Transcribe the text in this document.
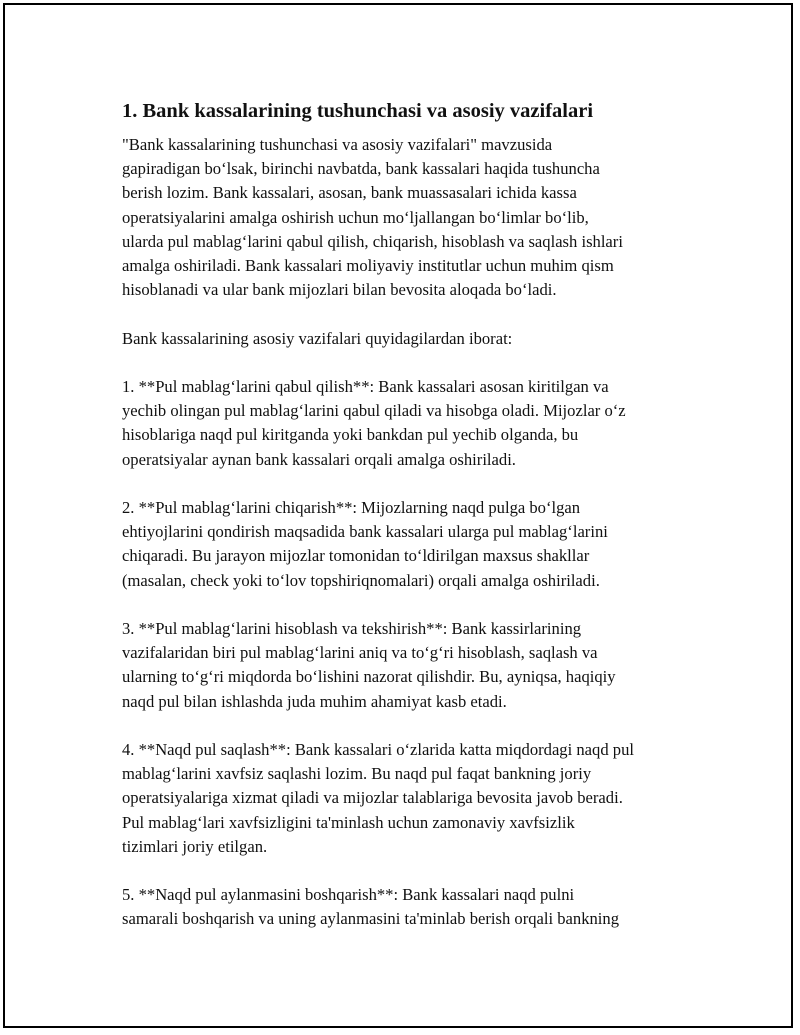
1. Bank kassalarining tushunchasi va asosiy vazifalari

"Bank kassalarining tushunchasi va asosiy vazifalari" mavzusida
gapiradigan boʻlsak, birinchi navbatda, bank kassalari haqida tushuncha
berish lozim. Bank kassalari, asosan, bank muassasalari ichida kassa
operatsiyalarini amalga oshirish uchun moʻljallangan boʻlimlar boʻlib,
ularda pul mablagʻlarini qabul qilish, chiqarish, hisoblash va saqlash ishlari
amalga oshiriladi. Bank kassalari moliyaviy institutlar uchun muhim qism
hisoblanadi va ular bank mijozlari bilan bevosita aloqada boʻladi.

Bank kassalarining asosiy vazifalari quyidagilardan iborat:

1. **Pul mablagʻlarini qabul qilish**: Bank kassalari asosan kiritilgan va
yechib olingan pul mablagʻlarini qabul qiladi va hisobga oladi. Mijozlar oʻz
hisoblariga naqd pul kiritganda yoki bankdan pul yechib olganda, bu
operatsiyalar aynan bank kassalari orqali amalga oshiriladi.

2. **Pul mablagʻlarini chiqarish**: Mijozlarning naqd pulga boʻlgan
ehtiyojlarini qondirish maqsadida bank kassalari ularga pul mablagʻlarini
chiqaradi. Bu jarayon mijozlar tomonidan toʻldirilgan maxsus shakllar
(masalan, check yoki toʻlov topshiriqnomalari) orqali amalga oshiriladi.

3. **Pul mablagʻlarini hisoblash va tekshirish**: Bank kassirlarining
vazifalaridan biri pul mablagʻlarini aniq va toʻgʻri hisoblash, saqlash va
ularning toʻgʻri miqdorda boʻlishini nazorat qilishdir. Bu, ayniqsa, haqiqiy
naqd pul bilan ishlashda juda muhim ahamiyat kasb etadi.

4. **Naqd pul saqlash**: Bank kassalari oʻzlarida katta miqdordagi naqd pul
mablagʻlarini xavfsiz saqlashi lozim. Bu naqd pul faqat bankning joriy
operatsiyalariga xizmat qiladi va mijozlar talablariga bevosita javob beradi.
Pul mablagʻlari xavfsizligini ta'minlash uchun zamonaviy xavfsizlik
tizimlari joriy etilgan.

5. **Naqd pul aylanmasini boshqarish**: Bank kassalari naqd pulni
samarali boshqarish va uning aylanmasini ta'minlab berish orqali bankning
